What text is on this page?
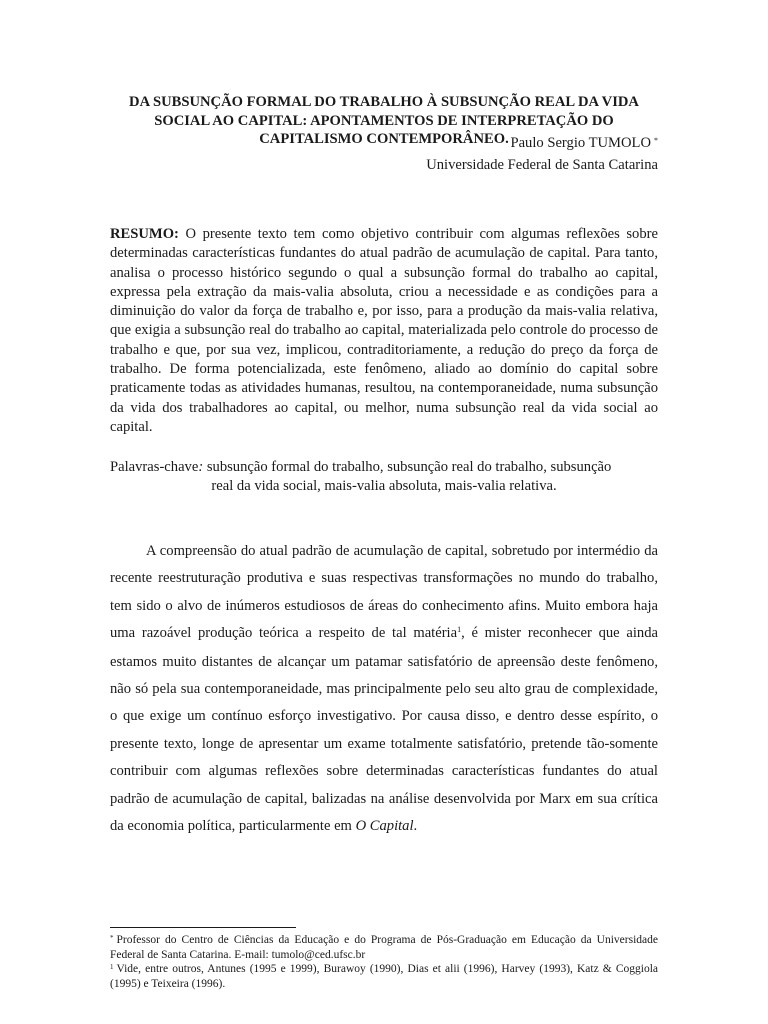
DA SUBSUNÇÃO FORMAL DO TRABALHO À SUBSUNÇÃO REAL DA VIDA SOCIAL AO CAPITAL: APONTAMENTOS DE INTERPRETAÇÃO DO CAPITALISMO CONTEMPORÂNEO. Paulo Sergio TUMOLO *
Universidade Federal de Santa Catarina
RESUMO: O presente texto tem como objetivo contribuir com algumas reflexões sobre determinadas características fundantes do atual padrão de acumulação de capital. Para tanto, analisa o processo histórico segundo o qual a subsunção formal do trabalho ao capital, expressa pela extração da mais-valia absoluta, criou a necessidade e as condições para a diminuição do valor da força de trabalho e, por isso, para a produção da mais-valia relativa, que exigia a subsunção real do trabalho ao capital, materializada pelo controle do processo de trabalho e que, por sua vez, implicou, contraditoriamente, a redução do preço da força de trabalho. De forma potencializada, este fenômeno, aliado ao domínio do capital sobre praticamente todas as atividades humanas, resultou, na contemporaneidade, numa subsunção da vida dos trabalhadores ao capital, ou melhor, numa subsunção real da vida social ao capital.
Palavras-chave: subsunção formal do trabalho, subsunção real do trabalho, subsunção
real da vida social, mais-valia absoluta, mais-valia relativa.
A compreensão do atual padrão de acumulação de capital, sobretudo por intermédio da recente reestruturação produtiva e suas respectivas transformações no mundo do trabalho, tem sido o alvo de inúmeros estudiosos de áreas do conhecimento afins. Muito embora haja uma razoável produção teórica a respeito de tal matéria$^1$, é mister reconhecer que ainda estamos muito distantes de alcançar um patamar satisfatório de apreensão deste fenômeno, não só pela sua contemporaneidade, mas principalmente pelo seu alto grau de complexidade, o que exige um contínuo esforço investigativo. Por causa disso, e dentro desse espírito, o presente texto, longe de apresentar um exame totalmente satisfatório, pretende tão-somente contribuir com algumas reflexões sobre determinadas características fundantes do atual padrão de acumulação de capital, balizadas na análise desenvolvida por Marx em sua crítica da economia política, particularmente em O Capital.

* Professor do Centro de Ciências da Educação e do Programa de Pós-Graduação em Educação da Universidade Federal de Santa Catarina. E-mail: tumolo@ced.ufsc.br

$^1$ Vide, entre outros, Antunes (1995 e 1999), Burawoy (1990), Dias et alii (1996), Harvey (1993), Katz & Coggiola (1995) e Teixeira (1996).
